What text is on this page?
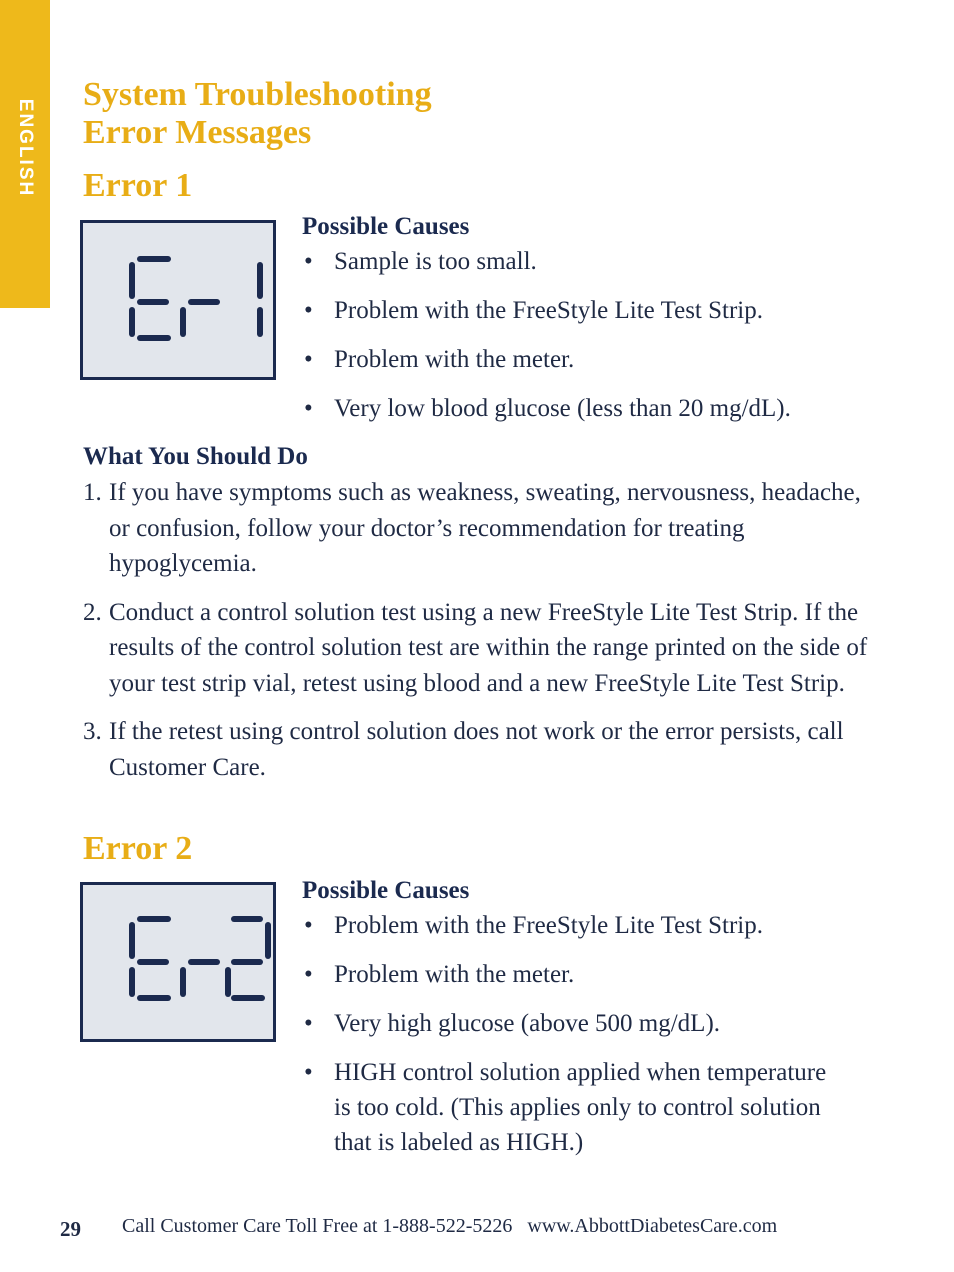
ENGLISH
System Troubleshooting
Error Messages
Error 1

Possible Causes

• Sample is too small.
• Problem with the FreeStyle Lite Test Strip.
• Problem with the meter.
• Very low blood glucose (less than 20 mg/dL).

What You Should Do

1. If you have symptoms such as weakness, sweating, nervousness, headache, or confusion, follow your doctor’s recommendation for treating hypoglycemia.
2. Conduct a control solution test using a new FreeStyle Lite Test Strip. If the results of the control solution test are within the range printed on the side of your test strip vial, retest using blood and a new FreeStyle Lite Test Strip.
3. If the retest using control solution does not work or the error persists, call Customer Care.
Error 2

Possible Causes

• Problem with the FreeStyle Lite Test Strip.
• Problem with the meter.
• Very high glucose (above 500 mg/dL).
• HIGH control solution applied when temperature is too cold. (This applies only to control solution that is labeled as HIGH.)
29 Call Customer Care Toll Free at 1-888-522-5226   www.AbbottDiabetesCare.com
